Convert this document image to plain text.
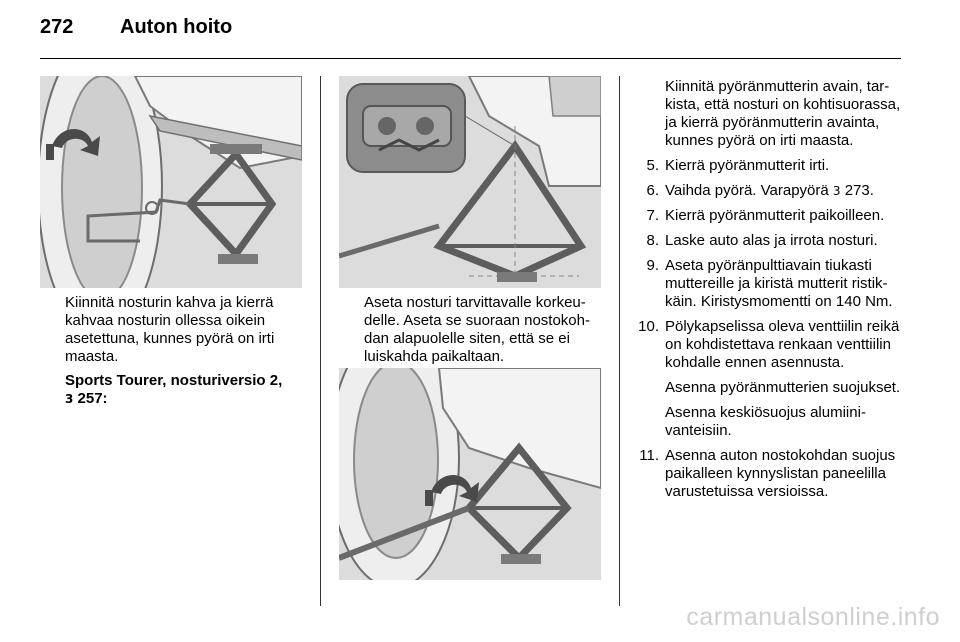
272 Auton hoito
Kiinnitä nosturin kahva ja kierrä kahvaa nosturin ollessa oikein asetettuna, kunnes pyörä on irti maasta.
Sports Tourer, nosturiversio 2,
3 257:
Aseta nosturi tarvittavalle korkeudelle. Aseta se suoraan nostokohdan alapuolelle siten, että se ei luiskahda paikaltaan.
Kiinnitä pyöränmutterin avain, tarkista, että nosturi on kohtisuorassa, ja kierrä pyöränmutterin avainta, kunnes pyörä on irti maasta.
5. Kierrä pyöränmutterit irti.
6. Vaihda pyörä. Varapyörä 3 273.
7. Kierrä pyöränmutterit paikoilleen.
8. Laske auto alas ja irrota nosturi.
9. Aseta pyöränpulttiavain tiukasti muttereille ja kiristä mutterit ristikkäin. Kiristysmomentti on 140 Nm.
10. Pölykapselissa oleva venttiilin reikä on kohdistettava renkaan venttiilin kohdalle ennen asennusta.
Asenna pyöränmutterien suojukset.
Asenna keskiösuojus alumiinivanteisiin.
11. Asenna auton nostokohdan suojus paikalleen kynnyslistan paneelilla varustetuissa versioissa.
carmanualsonline.info
